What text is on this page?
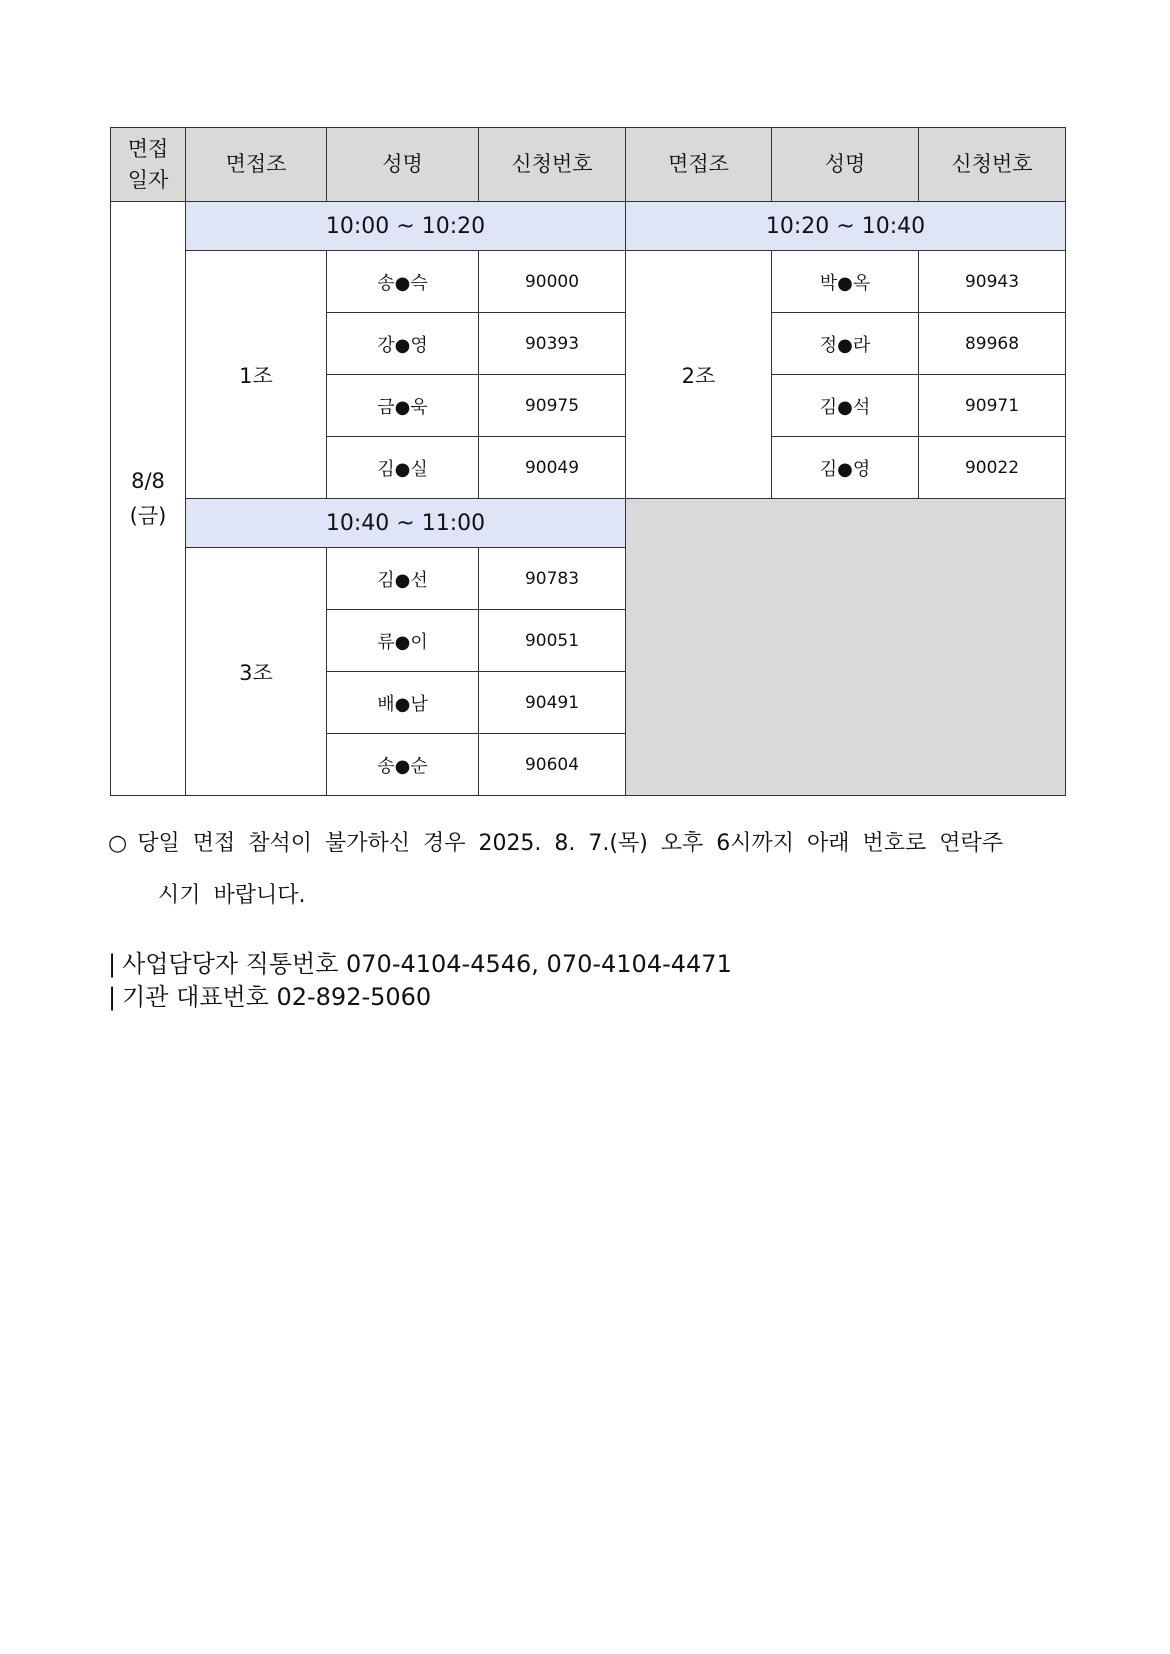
면접
일자	면접조	성명	신청번호	면접조	성명	신청번호
8/8
(금)	10:00 ~ 10:20			10:20 ~ 10:40		
	1조	송●슥	90000	2조	박●옥	90943
		강●영	90393		정●라	89968
		금●욱	90975		김●석	90971
		김●실	90049		김●영	90022
	10:40 ~ 11:00					
	3조	김●선	90783			
		류●이	90051			
		배●남	90491			
		송●순	90604			
○ 당일 면접 참석이 불가하신 경우 2025. 8. 7.(목) 오후 6시까지 아래 번호로 연락주
시기 바랍니다.
| 사업담당자 직통번호 070-4104-4546, 070-4104-4471
| 기관 대표번호 02-892-5060
